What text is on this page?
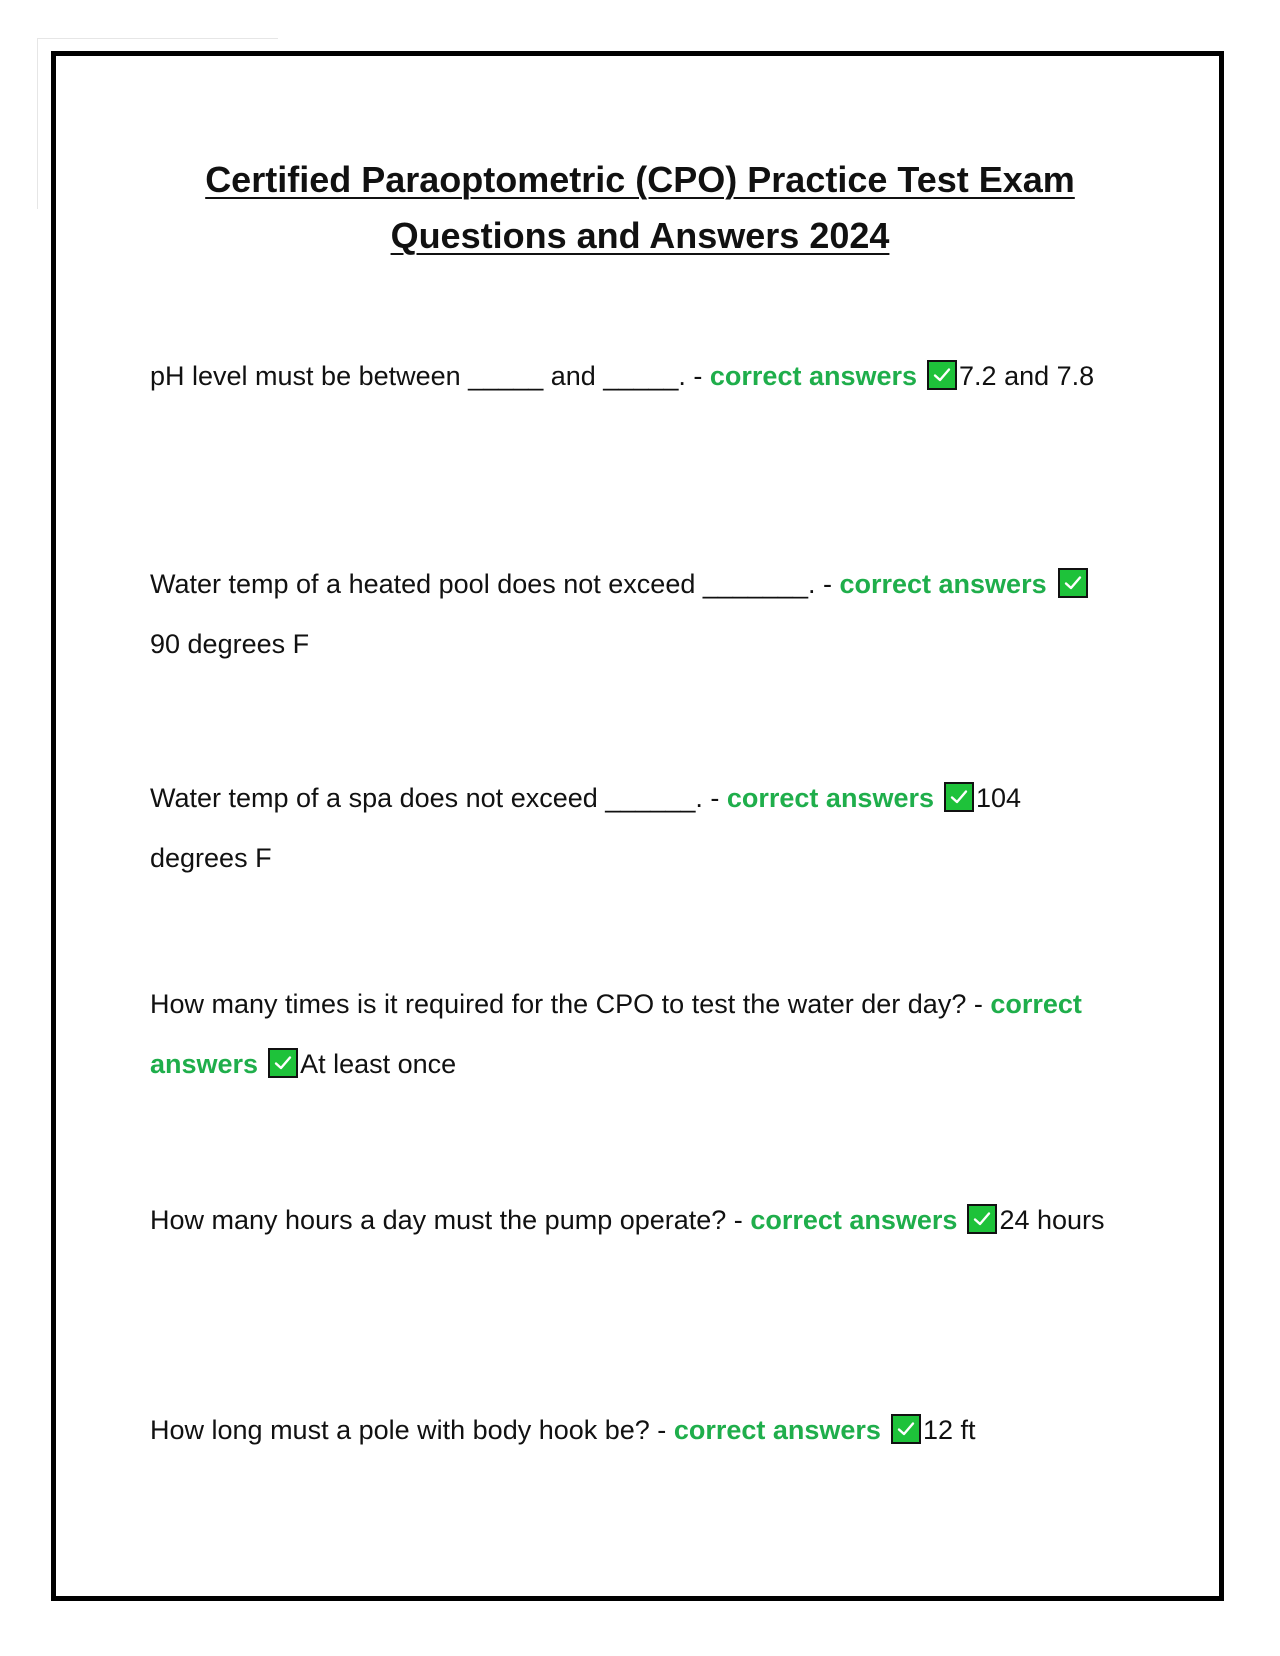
Certified Paraoptometric (CPO) Practice Test Exam
Questions and Answers 2024

pH level must be between _____ and _____. - correct answers 7.2 and 7.8

Water temp of a heated pool does not exceed _______. - correct answers
90 degrees F

Water temp of a spa does not exceed ______. - correct answers 104 degrees F

How many times is it required for the CPO to test the water der day? - correct answers At least once

How many hours a day must the pump operate? - correct answers 24 hours

How long must a pole with body hook be? - correct answers 12 ft
